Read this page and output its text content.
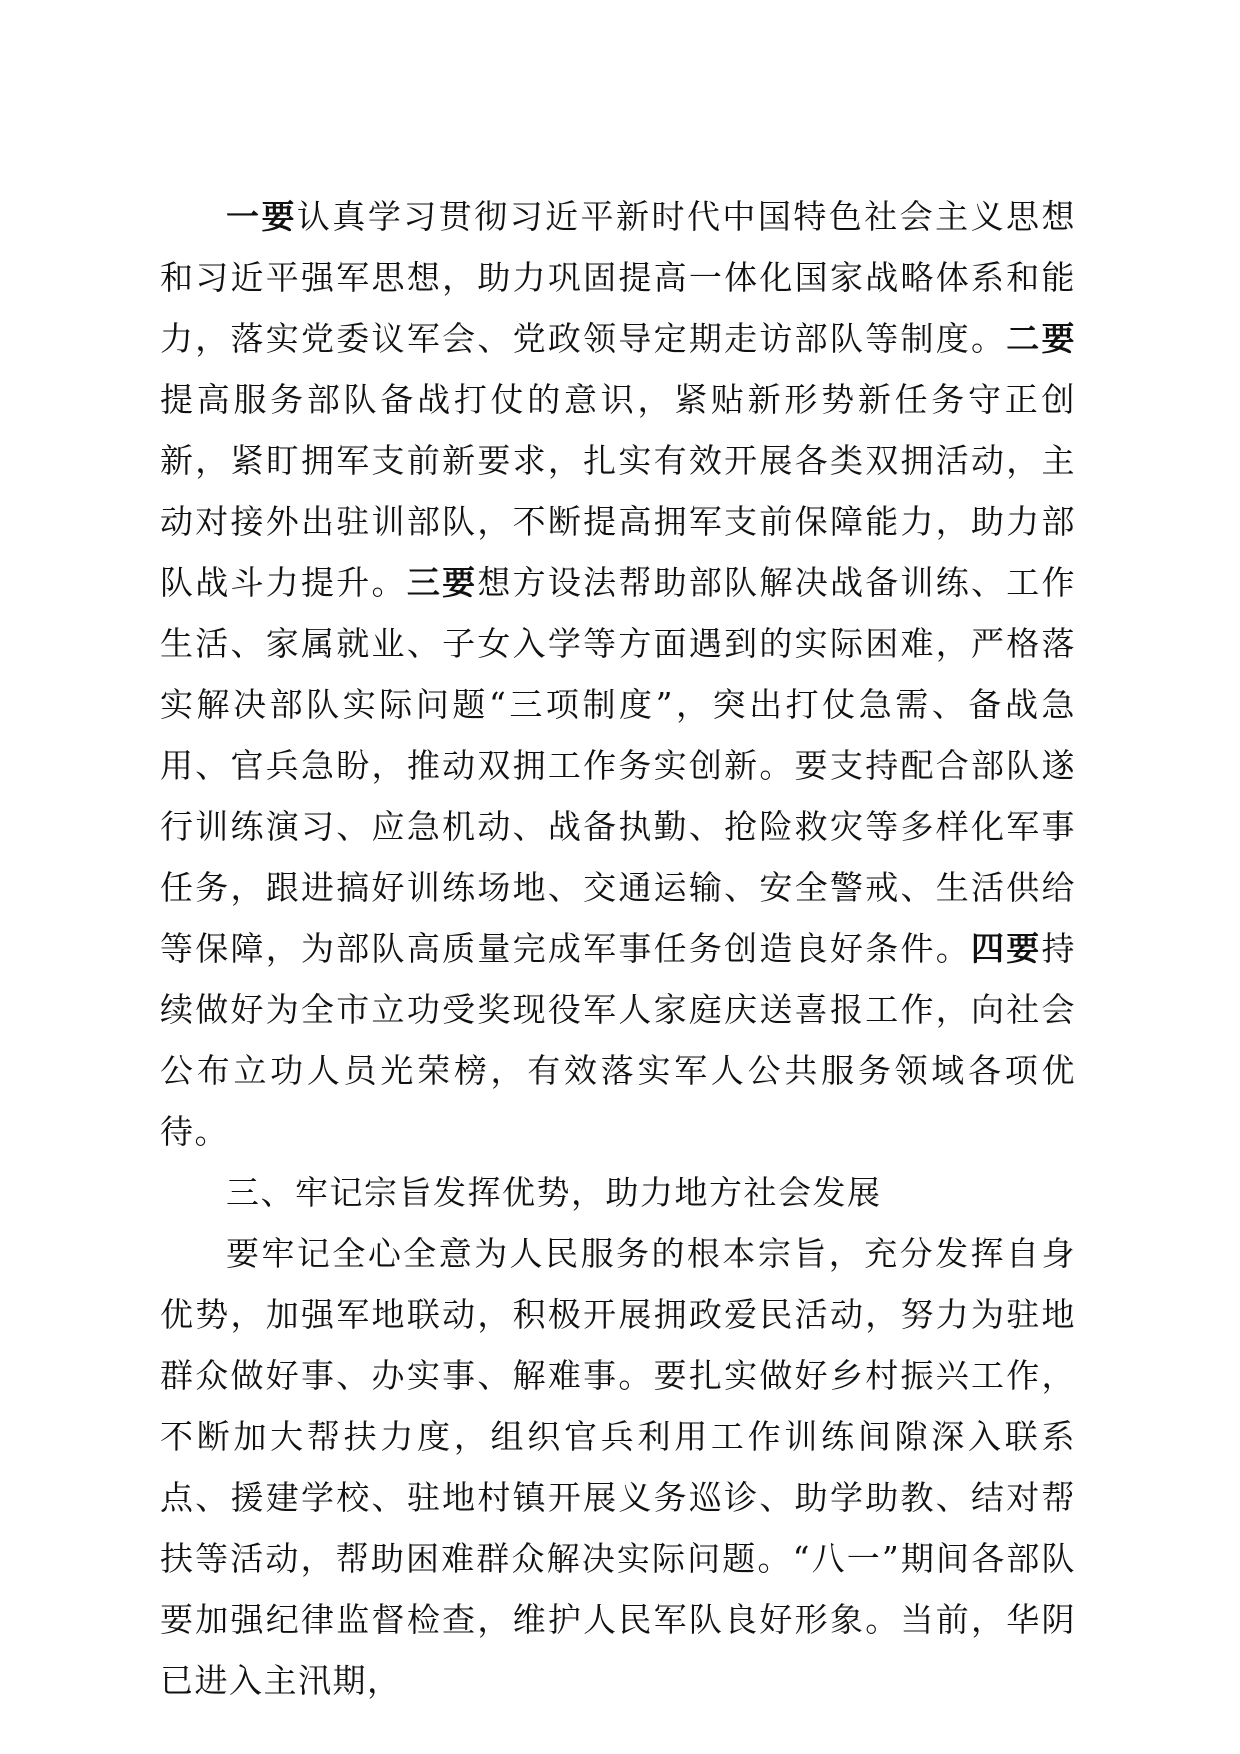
一要认真学习贯彻习近平新时代中国特色社会主义思想和习近平强军思想，助力巩固提高一体化国家战略体系和能力，落实党委议军会、党政领导定期走访部队等制度。二要提高服务部队备战打仗的意识，紧贴新形势新任务守正创新，紧盯拥军支前新要求，扎实有效开展各类双拥活动，主动对接外出驻训部队，不断提高拥军支前保障能力，助力部队战斗力提升。三要想方设法帮助部队解决战备训练、工作生活、家属就业、子女入学等方面遇到的实际困难，严格落实解决部队实际问题“三项制度”，突出打仗急需、备战急用、官兵急盼，推动双拥工作务实创新。要支持配合部队遂行训练演习、应急机动、战备执勤、抢险救灾等多样化军事任务，跟进搞好训练场地、交通运输、安全警戒、生活供给等保障，为部队高质量完成军事任务创造良好条件。四要持续做好为全市立功受奖现役军人家庭庆送喜报工作，向社会公布立功人员光荣榜，有效落实军人公共服务领域各项优待。

三、牢记宗旨发挥优势，助力地方社会发展

要牢记全心全意为人民服务的根本宗旨，充分发挥自身优势，加强军地联动，积极开展拥政爱民活动，努力为驻地群众做好事、办实事、解难事。要扎实做好乡村振兴工作，不断加大帮扶力度，组织官兵利用工作训练间隙深入联系点、援建学校、驻地村镇开展义务巡诊、助学助教、结对帮扶等活动，帮助困难群众解决实际问题。“八一”期间各部队要加强纪律监督检查，维护人民军队良好形象。当前，华阴已进入主汛期，
